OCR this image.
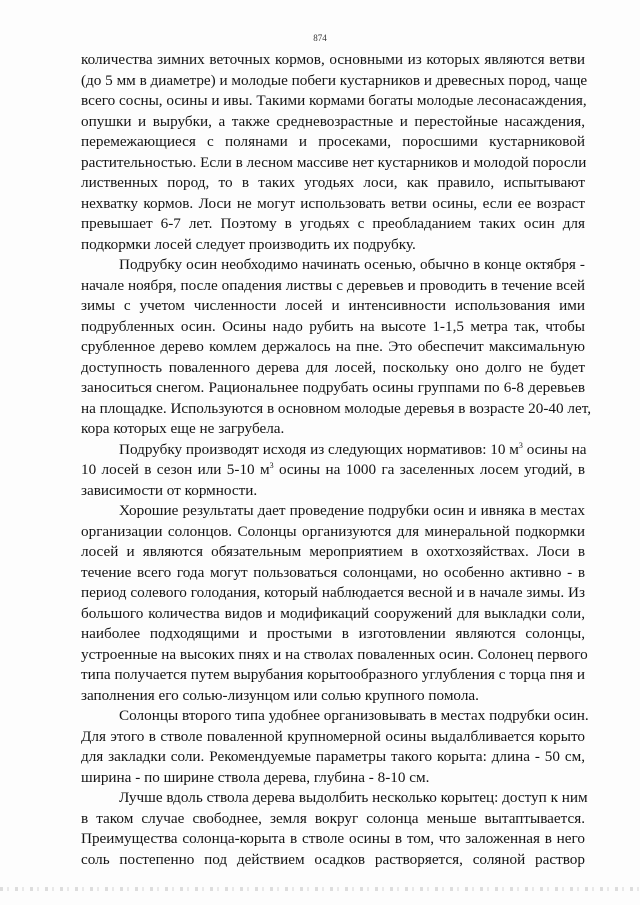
874
количества зимних веточных кормов, основными из которых являются ветви
(до 5 мм в диаметре) и молодые побеги кустарников и древесных пород, чаще
всего сосны, осины и ивы. Такими кормами богаты молодые лесонасаждения,
опушки и вырубки, а также средневозрастные и перестойные насаждения,
перемежающиеся с полянами и просеками, поросшими кустарниковой
растительностью. Если в лесном массиве нет кустарников и молодой поросли
лиственных пород, то в таких угодьях лоси, как правило, испытывают
нехватку кормов. Лоси не могут использовать ветви осины, если ее возраст
превышает 6-7 лет. Поэтому в угодьях с преобладанием таких осин для
подкормки лосей следует производить их подрубку.
Подрубку осин необходимо начинать осенью, обычно в конце октября -
начале ноября, после опадения листвы с деревьев и проводить в течение всей
зимы с учетом численности лосей и интенсивности использования ими
подрубленных осин. Осины надо рубить на высоте 1-1,5 метра так, чтобы
срубленное дерево комлем держалось на пне. Это обеспечит максимальную
доступность поваленного дерева для лосей, поскольку оно долго не будет
заноситься снегом. Рациональнее подрубать осины группами по 6-8 деревьев
на площадке. Используются в основном молодые деревья в возрасте 20-40 лет,
кора которых еще не загрубела.
Подрубку производят исходя из следующих нормативов: 10 $м^3$ осины на
10 лосей в сезон или 5-10 $м^3$ осины на 1000 га заселенных лосем угодий, в
зависимости от кормности.
Хорошие результаты дает проведение подрубки осин и ивняка в местах
организации солонцов. Солонцы организуются для минеральной подкормки
лосей и являются обязательным мероприятием в охотхозяйствах. Лоси в
течение всего года могут пользоваться солонцами, но особенно активно - в
период солевого голодания, который наблюдается весной и в начале зимы. Из
большого количества видов и модификаций сооружений для выкладки соли,
наиболее подходящими и простыми в изготовлении являются солонцы,
устроенные на высоких пнях и на стволах поваленных осин. Солонец первого
типа получается путем вырубания корытообразного углубления с торца пня и
заполнения его солью-лизунцом или солью крупного помола.
Солонцы второго типа удобнее организовывать в местах подрубки осин.
Для этого в стволе поваленной крупномерной осины выдалбливается корыто
для закладки соли. Рекомендуемые параметры такого корыта: длина - 50 см,
ширина - по ширине ствола дерева, глубина - 8-10 см.
Лучше вдоль ствола дерева выдолбить несколько корытец: доступ к ним
в таком случае свободнее, земля вокруг солонца меньше вытаптывается.
Преимущества солонца-корыта в стволе осины в том, что заложенная в него
соль постепенно под действием осадков растворяется, соляной раствор
